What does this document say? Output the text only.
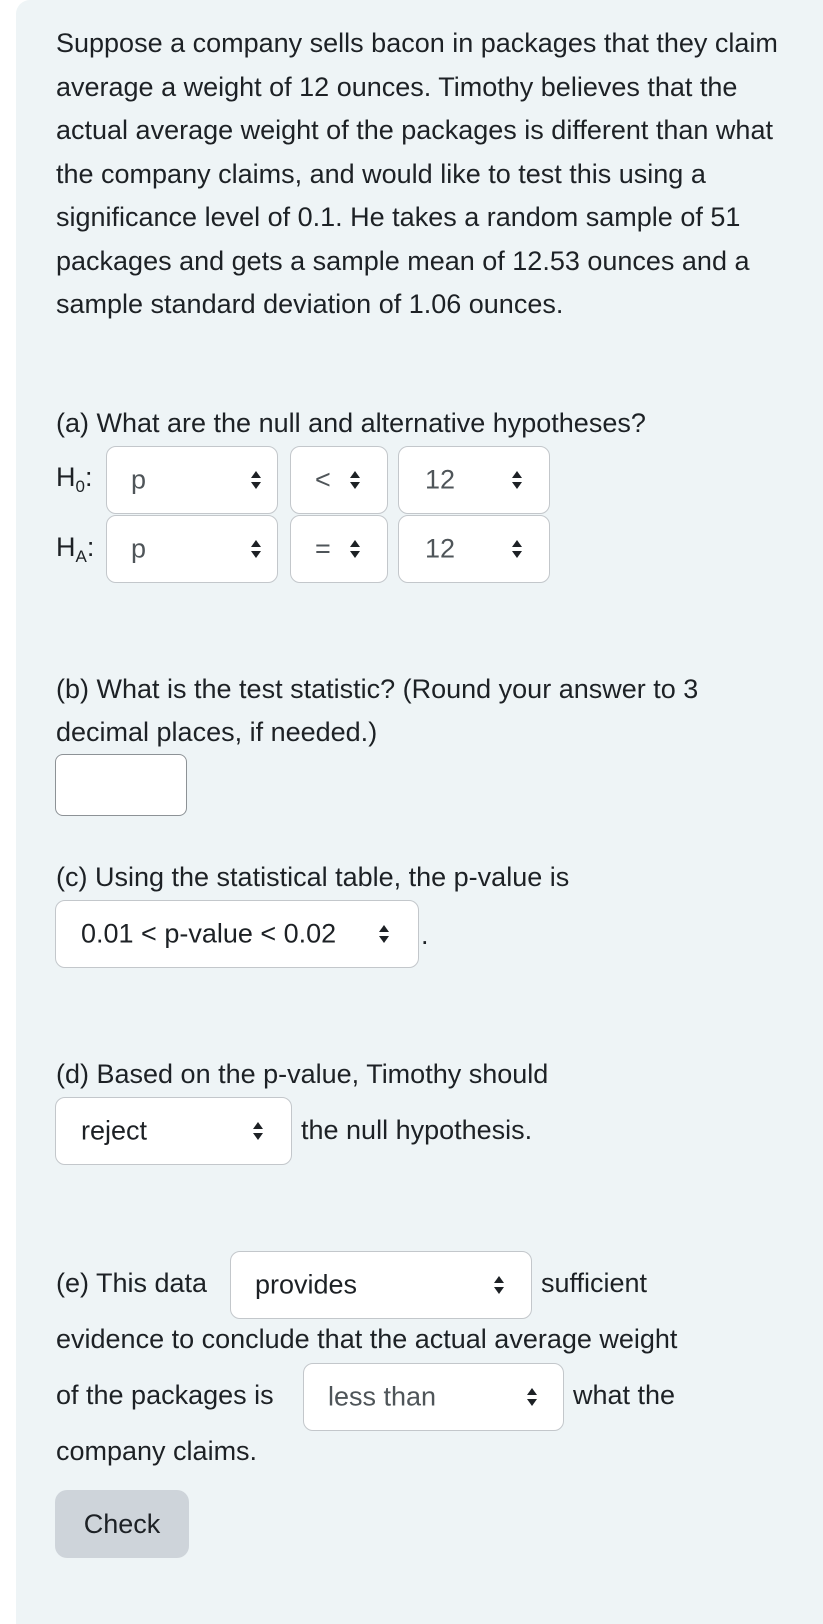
Suppose a company sells bacon in packages that they claim average a weight of 12 ounces. Timothy believes that the actual average weight of the packages is different than what the company claims, and would like to test this using a significance level of 0.1. He takes a random sample of 51 packages and gets a sample mean of 12.53 ounces and a sample standard deviation of 1.06 ounces.

(a) What are the null and alternative hypotheses?
$H_0$: p	<	12
$H_A$: p	=	12
(b) What is the test statistic? (Round your answer to 3
decimal places, if needed.)
(c) Using the statistical table, the p-value is
0.01 < p-value < 0.02	.
(d) Based on the p-value, Timothy should
reject	the null hypothesis.
(e) This data provides	sufficient
evidence to conclude that the actual average weight
of the packages is less than	what the
company claims.
Check
